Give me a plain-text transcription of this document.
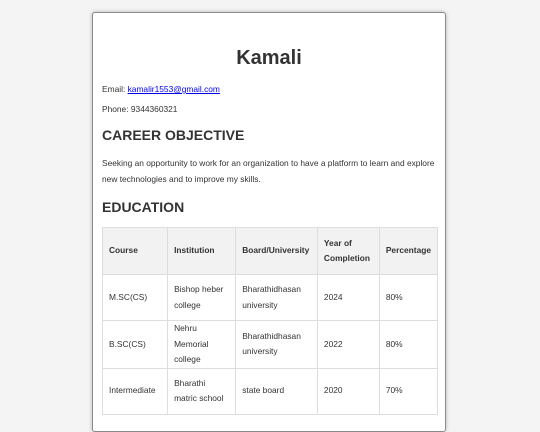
Kamali

Email: kamalir1553@gmail.com

Phone: 9344360321

CAREER OBJECTIVE

Seeking an opportunity to work for an organization to have a platform to learn and explore new technologies and to improve my skills.

EDUCATION
Course	Institution	Board/University	Year of Completion	Percentage
M.SC(CS)	Bishop heber college	Bharathidhasan university	2024	80%
B.SC(CS)	Nehru Memorial college	Bharathidhasan university	2022	80%
Intermediate	Bharathi matric school	state board	2020	70%
